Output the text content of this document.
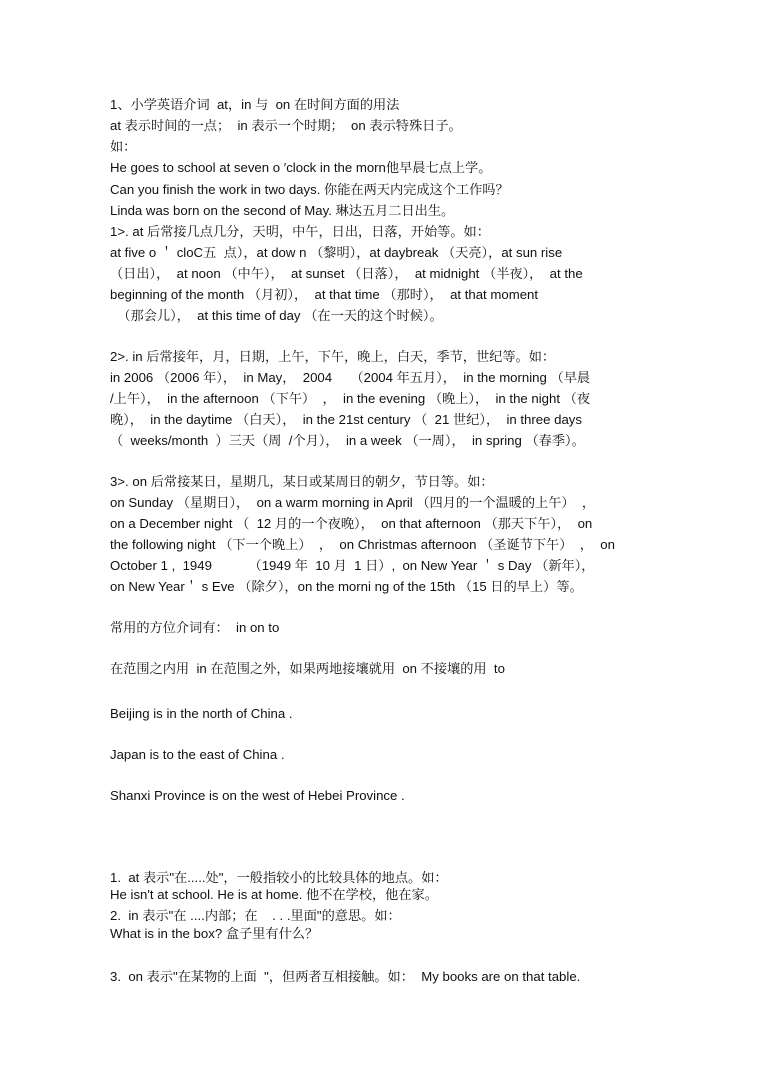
1、小学英语介词  at，in 与  on 在时间方面的用法
at 表示时间的一点；  in 表示一个时期；  on 表示特殊日子。
如：
He goes to school at seven o ′clock in the morn他早晨七点上学。
Can you finish the work in two days. 你能在两天内完成这个工作吗？
Linda was born on the second of May. 琳达五月二日出生。
1>. at 后常接几点几分，天明，中午，日出，日落，开始等。如：
at five o ＇ cloC五  点），at dow n （黎明），at daybreak （天亮），at sun rise
（日出），  at noon （中午），  at sunset （日落），  at midnight （半夜），  at the
beginning of the month （月初），  at that time （那时），  at that moment
（那会儿），  at this time of day （在一天的这个时候）。
2>. in 后常接年，月，日期，上午，下午，晚上，白天，季节，世纪等。如：
in 2006 （2006 年），  in May，  2004     （2004 年五月），  in the morning （早晨
/上午），  in the afternoon （下午）  ，  in the evening （晚上），  in the night （夜
晚），  in the daytime （白天），  in the 21st century （  21 世纪），  in three days
（  weeks/month  ）三天（周  /个月），  in a week （一周），  in spring （春季）。
3>. on 后常接某日，星期几，某日或某周日的朝夕，节日等。如：
on Sunday （星期日），  on a warm morning in April （四月的一个温暖的上午）  ，
on a December night （  12 月的一个夜晚），  on that afternoon （那天下午），  on
the following night （下一个晚上）  ，  on Christmas afternoon （圣诞节下午）  ，  on
October 1 ,  1949          （1949 年  10 月  1 日）,  on New Year ＇ s Day （新年），
on New Year＇ s Eve （除夕），on the morni ng of the 15th （15 日的早上）等。
常用的方位介词有：  in on to
在范围之内用  in 在范围之外，如果两地接壤就用  on 不接壤的用  to
Beijing is in the north of China .
Japan is to the east of China .
Shanxi Province is on the west of Hebei Province .
1.  at 表示"在.....处"，一般指较小的比较具体的地点。如：
He isn't at school. He is at home. 他不在学校，他在家。
2.  in 表示"在 ....内部；在    . . .里面"的意思。如：
What is in the box? 盒子里有什么？
3.  on 表示"在某物的上面  "，但两者互相接触。如：  My books are on that table.
